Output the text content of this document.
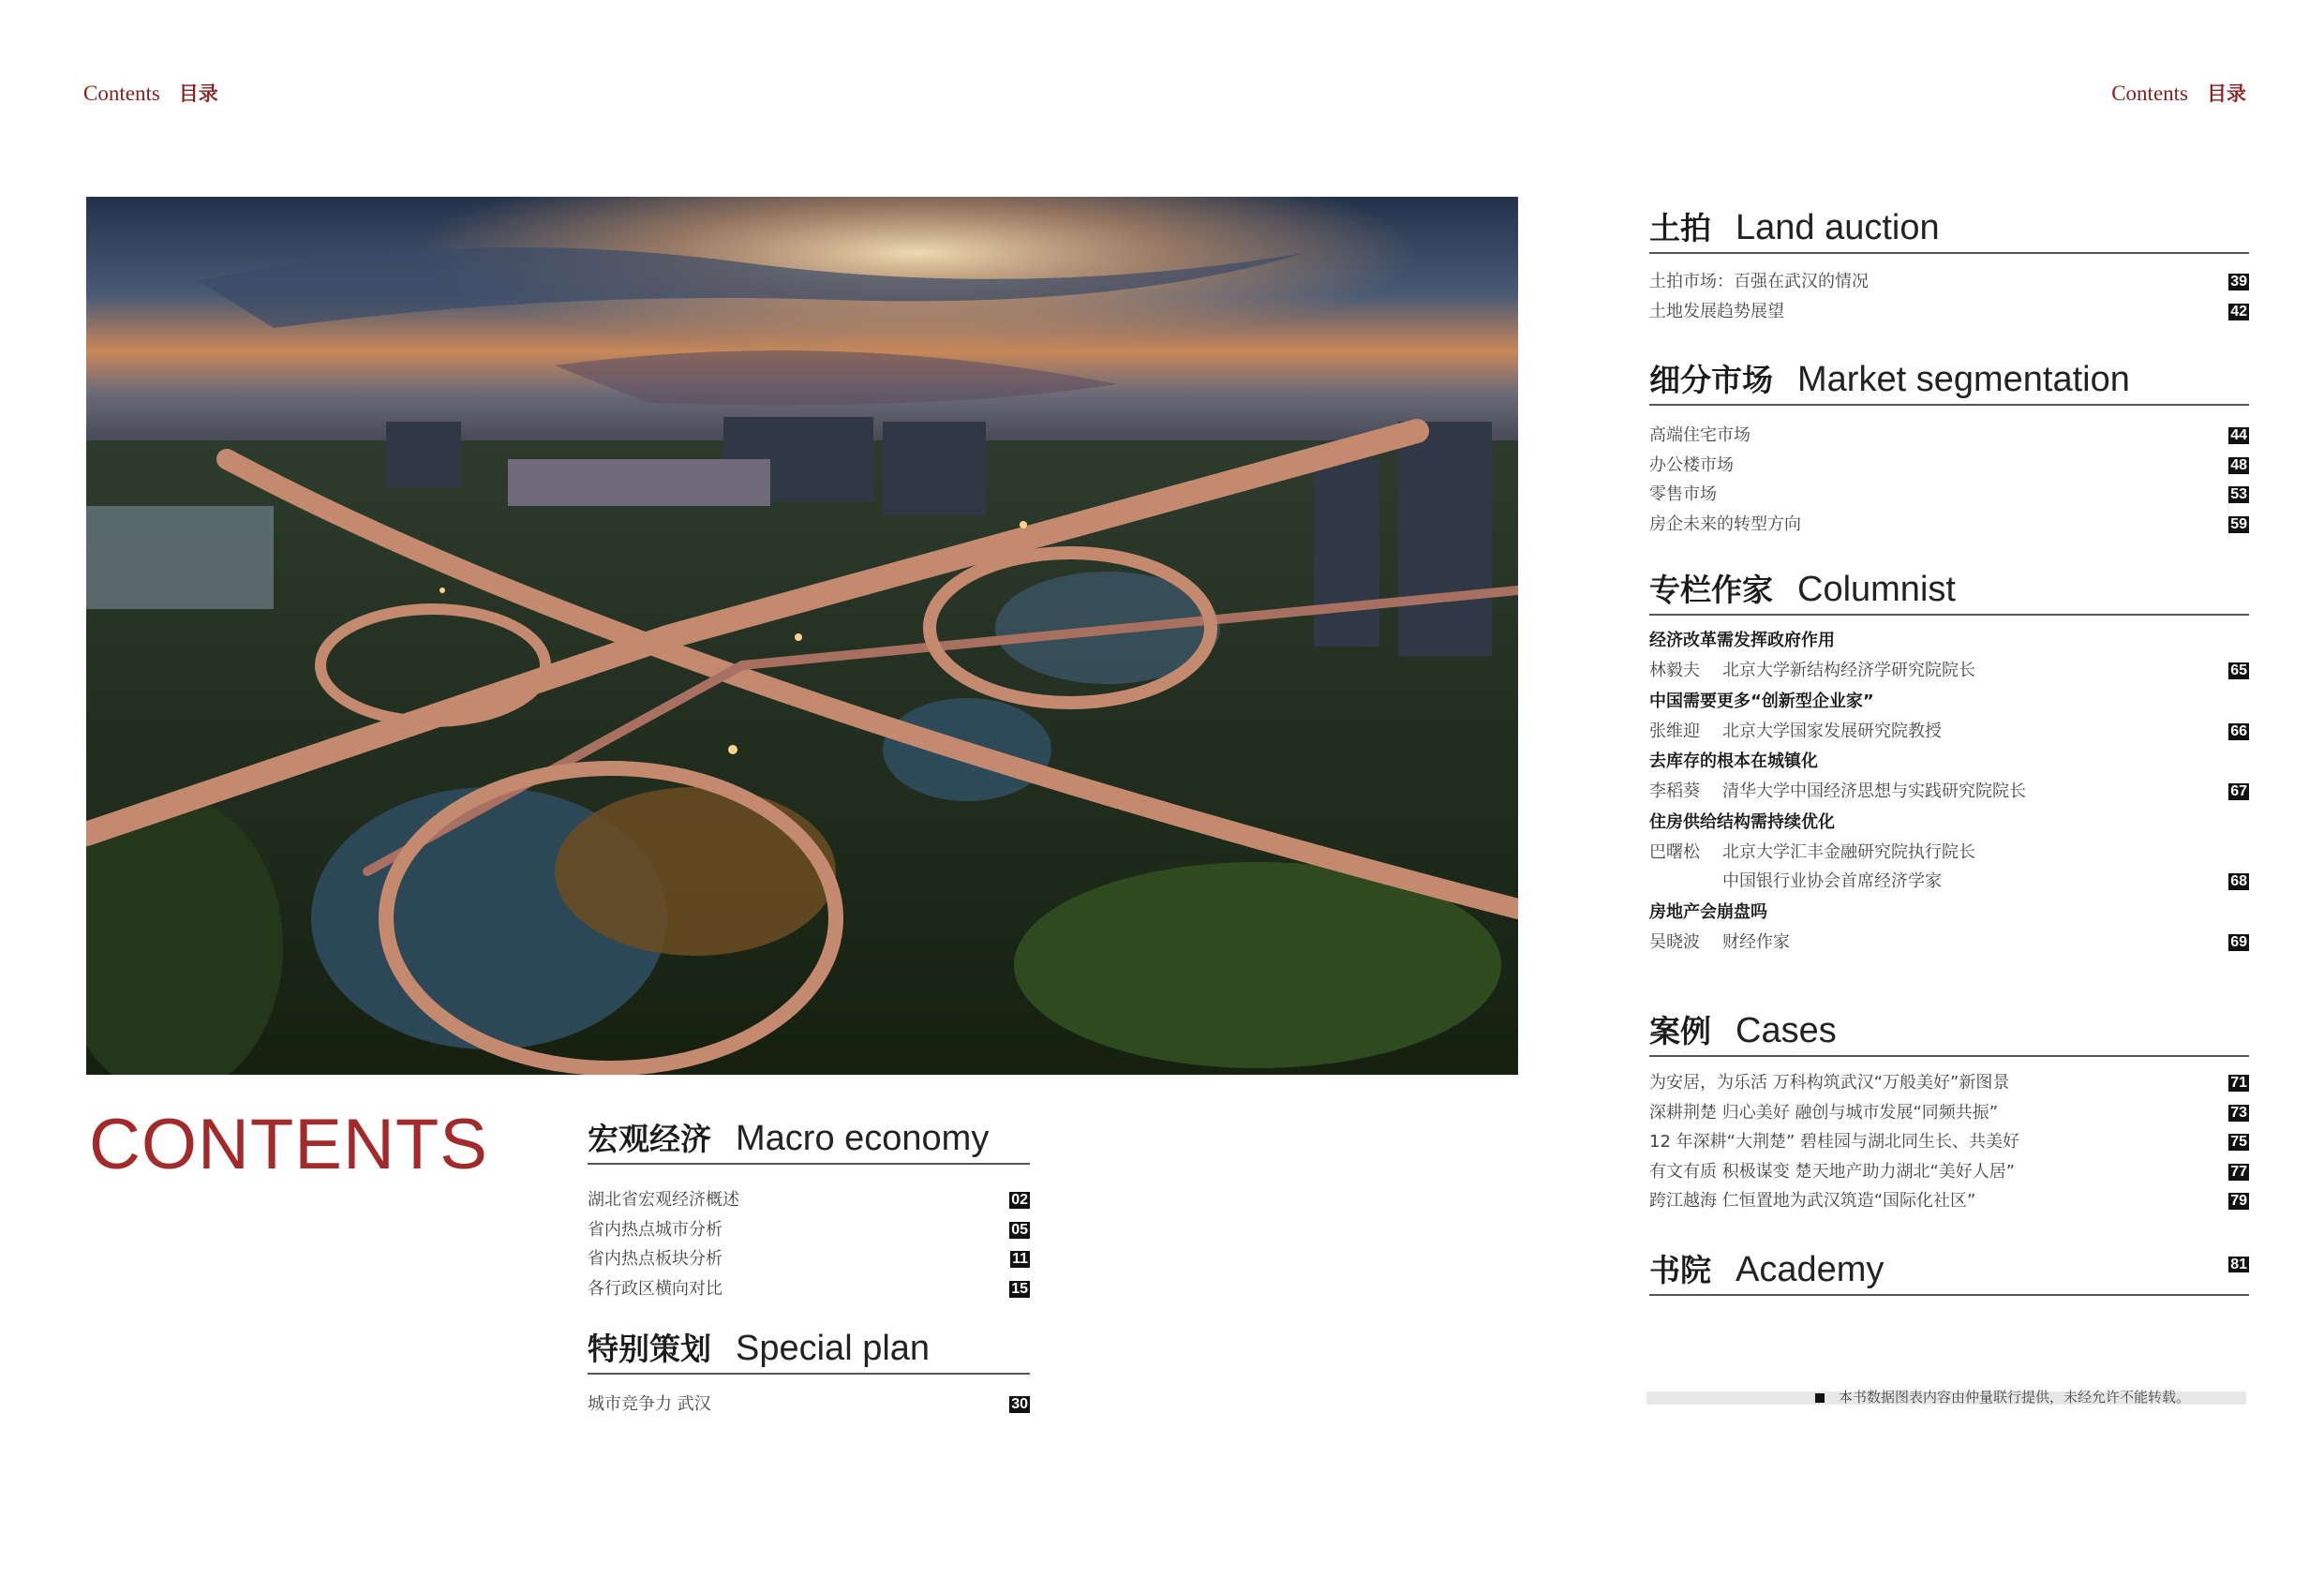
Contents 目录	Contents 目录
CONTENTS	宏观经济 Macro economy
湖北省宏观经济概述	02
省内热点城市分析	05
省内热点板块分析	11
各行政区横向对比	15
特别策划 Special plan
城市竞争力 武汉	30
土拍 Land auction
土拍市场：百强在武汉的情况	39
土地发展趋势展望	42
细分市场 Market segmentation
高端住宅市场	44
办公楼市场	48
零售市场	53
房企未来的转型方向	59
专栏作家 Columnist
经济改革需发挥政府作用
林毅夫 北京大学新结构经济学研究院院长	65
中国需要更多“创新型企业家”
张维迎 北京大学国家发展研究院教授	66
去库存的根本在城镇化
李稻葵 清华大学中国经济思想与实践研究院院长	67
住房供给结构需持续优化
巴曙松 北京大学汇丰金融研究院执行院长
中国银行业协会首席经济学家	68
房地产会崩盘吗
吴晓波 财经作家	69
案例 Cases
为安居，为乐活 万科构筑武汉“万般美好”新图景	71
深耕荆楚 归心美好 融创与城市发展“同频共振”	73
12 年深耕“大荆楚” 碧桂园与湖北同生长、共美好	75
有文有质 积极谋变 楚天地产助力湖北“美好人居”	77
跨江越海 仁恒置地为武汉筑造“国际化社区”	79
书院 Academy	81
本书数据图表内容由仲量联行提供，未经允许不能转载。
